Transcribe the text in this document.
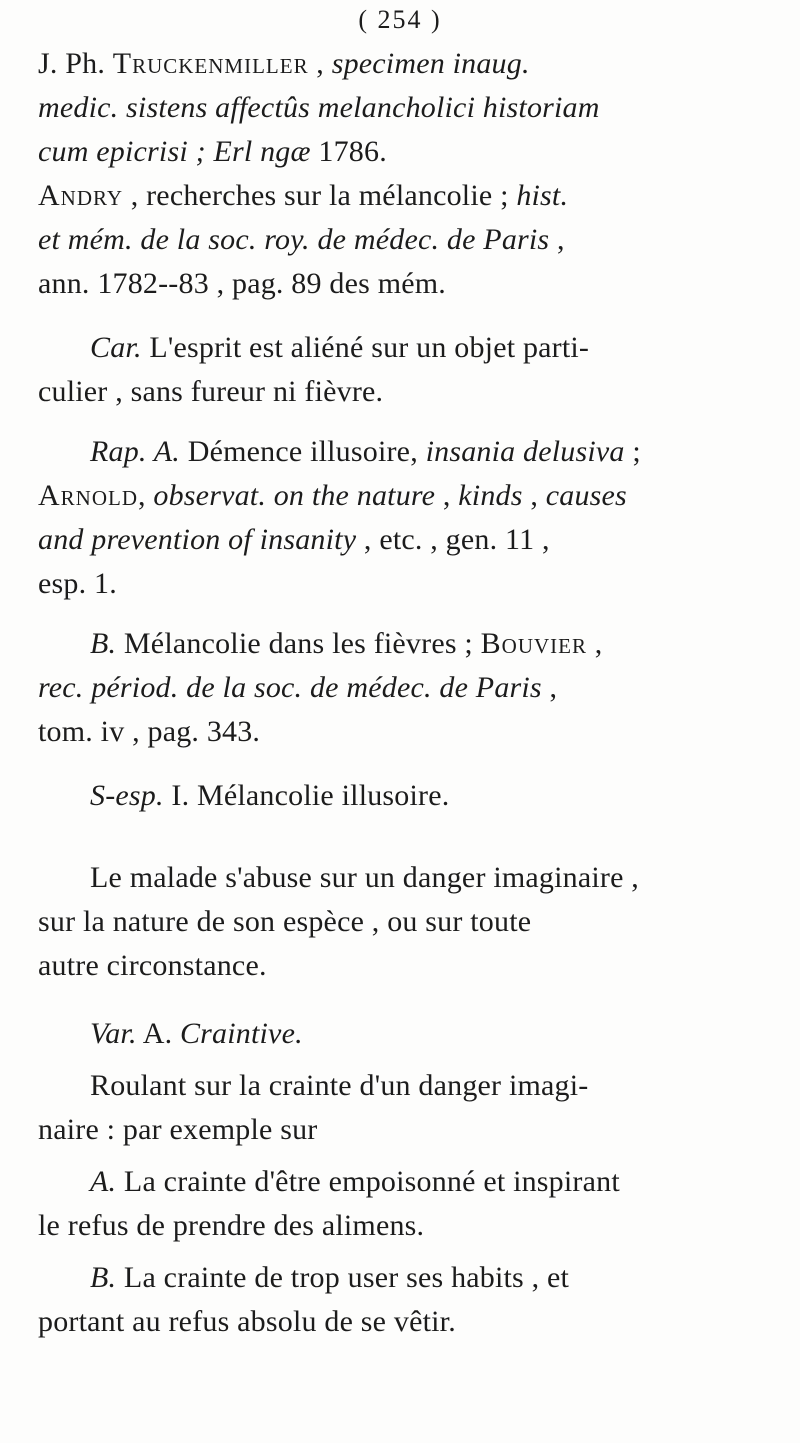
( 254 )
J. Ph. Truckenmiller , specimen inaug.
medic. sistens affectûs melancholici historiam
cum epicrisi ; Erl ngæ 1786.
Andry , recherches sur la mélancolie ; hist.
et mém. de la soc. roy. de médec. de Paris ,
ann. 1782--83 , pag. 89 des mém.
Car. L'esprit est aliéné sur un objet parti-
culier , sans fureur ni fièvre.
Rap. A. Démence illusoire, insania delusiva ;
Arnold, observat. on the nature , kinds , causes
and prevention of insanity , etc. , gen. 11 ,
esp. 1.
B. Mélancolie dans les fièvres ; Bouvier ,
rec. périod. de la soc. de médec. de Paris ,
tom. iv , pag. 343.
S-esp. I. Mélancolie illusoire.
Le malade s'abuse sur un danger imaginaire ,
sur la nature de son espèce , ou sur toute
autre circonstance.
Var. A. Craintive.
Roulant sur la crainte d'un danger imagi-
naire : par exemple sur
A. La crainte d'être empoisonné et inspirant
le refus de prendre des alimens.
B. La crainte de trop user ses habits , et
portant au refus absolu de se vêtir.
